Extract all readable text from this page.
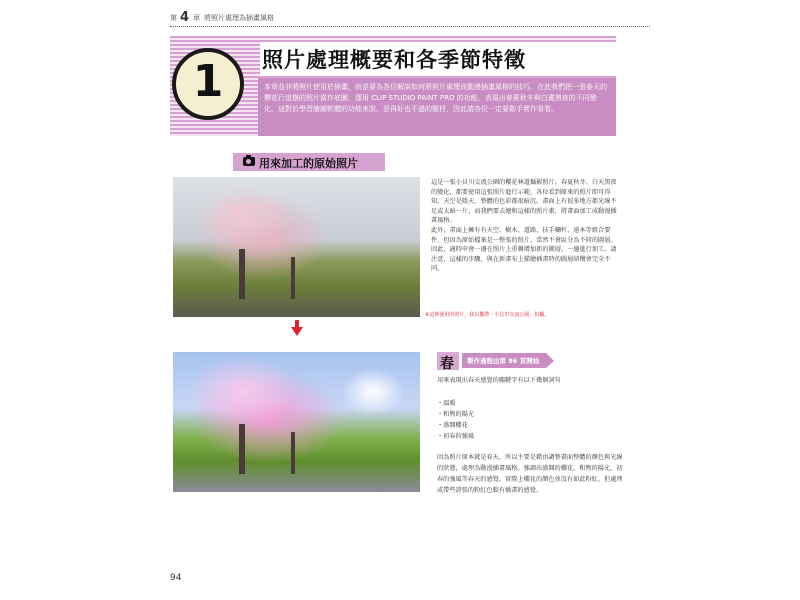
第 4 章 將照片處理為插畫風格
照片處理概要和各季節特徵
本章並非將照片使用於插畫，而是要為各位解說如何將照片處理成動漫插畫風格的技巧。在此我們把一張春天的櫻花行道樹的照片當作底圖，運用 CLIP STUDIO PAINT PRO 的功能，表現出春夏秋冬與白晝黑夜的不同變化。這對於學習繪圖軟體的功能來說，是再好也不過的題材，因此請各位一定要動手實作看看。
1
用來加工的原始照片
這是一張小貝川交流公園的櫻花林道攝影照片。春夏秋冬、白天黑夜的變化，都要使用這張照片進行示範，各位看到原來的照片即可得知，天空是陰天，整體的色彩都很暗沉。畫面上有很多地方都光線不足或太暗一片，而我們要去繪和這樣的照片素，將畫面加工成動漫插畫風格。
此外，畫面上擁有有天空、樹木、道路、扶手欄杆、遠本等組合要件，但因為原始檔案是一整張的照片，當然不會區分為不同的圖層。因此，適時申會一邊在照片上重疊增加新的圖層，一邊進行加工。請注意，這樣的步驟，與在新畫布上描繪插畫時的圖層結構會完全不同。
※這裡使用的照片，我以攜帶「小貝川交流公園」拍攝。
春 製作過程由第 96 頁開始
用來表現出春天感覺的關鍵字有以下幾個詞句
・溫暖
・和煦的陽光
・盛開櫻花
・初春的強風
因為照片原本就是春天，所以主要是藉由調整畫面整體的顏色與光線的狀態，處理為動漫插畫風格。強調出盛開的櫻花、和煦的陽光、初春的強風等春天的感覺。實際上櫻花的顏色並沒有如此粉紅，但處理成帶些誇張的粉紅色較有插畫的感覺。
94
